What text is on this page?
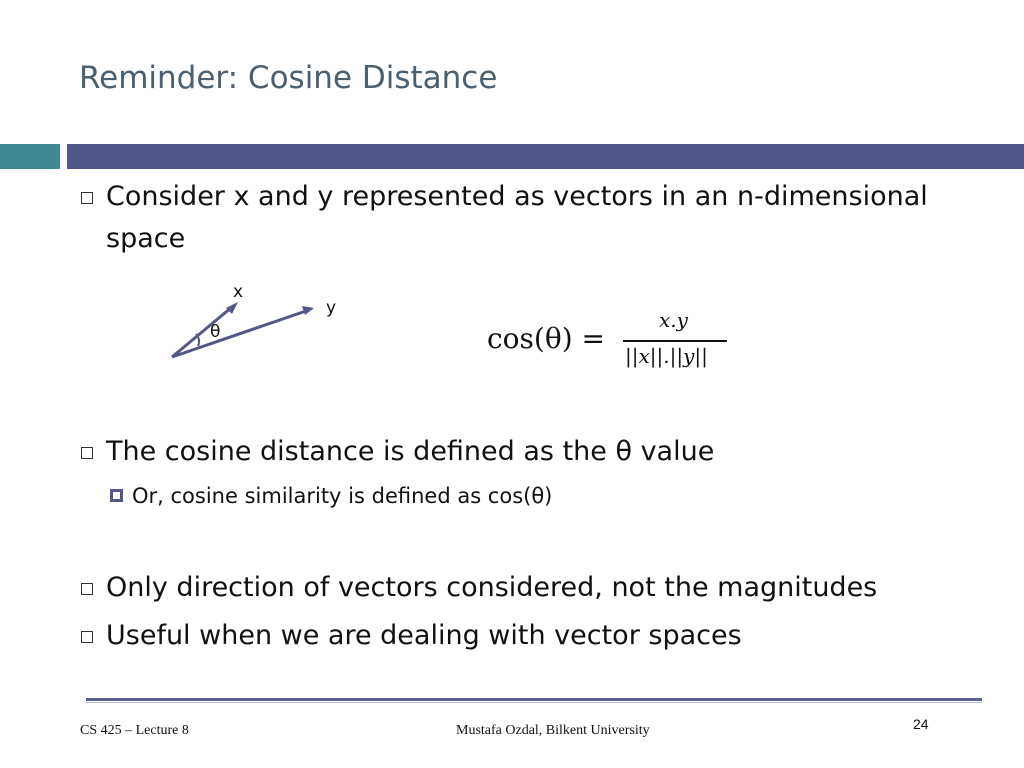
Reminder: Cosine Distance
Consider x and y represented as vectors in an n-dimensional
space
x
y
θ	cos(θ) =
x.y
||x||.||y||
The cosine distance is defined as the θ value
Or, cosine similarity is defined as cos(θ)
Only direction of vectors considered, not the magnitudes
Useful when we are dealing with vector spaces
CS 425 – Lecture 8	Mustafa Ozdal, Bilkent University	24
